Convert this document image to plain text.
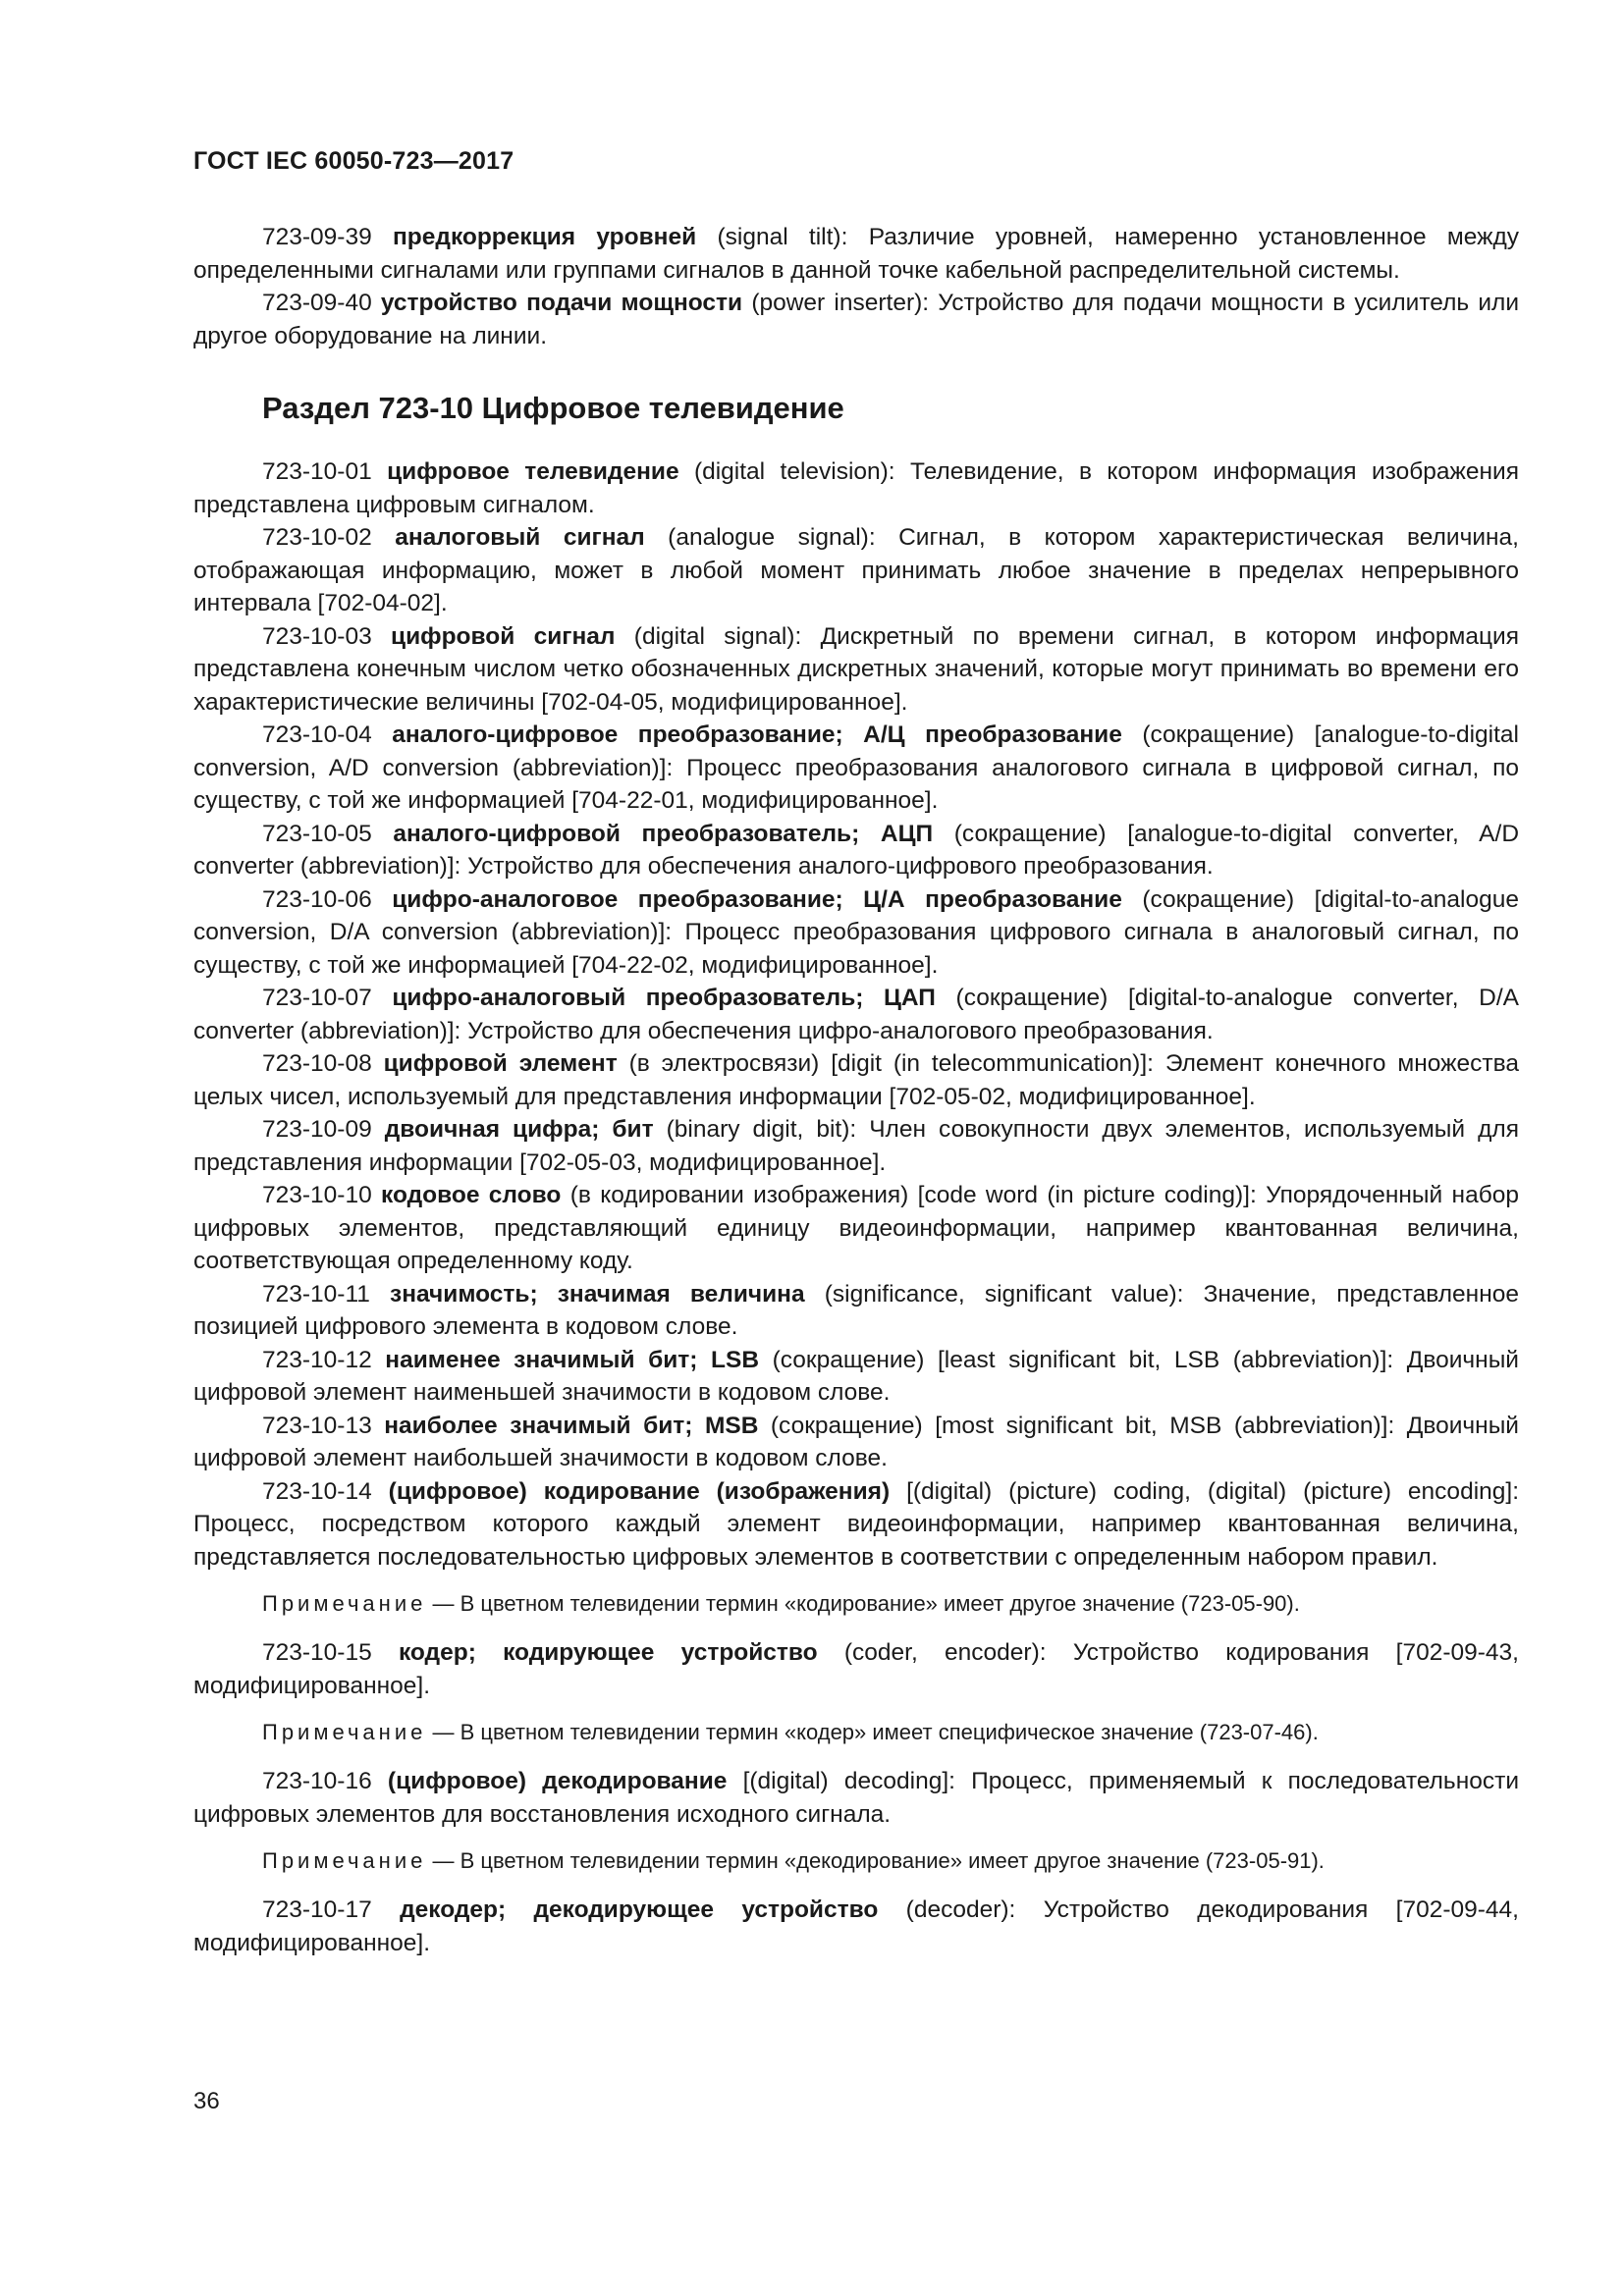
ГОСТ IEC 60050-723—2017

723-09-39 предкоррекция уровней (signal tilt): Различие уровней, намеренно установленное между определенными сигналами или группами сигналов в данной точке кабельной распределительной системы.

723-09-40 устройство подачи мощности (power inserter): Устройство для подачи мощности в усилитель или другое оборудование на линии.

Раздел 723-10 Цифровое телевидение

723-10-01 цифровое телевидение (digital television): Телевидение, в котором информация изображения представлена цифровым сигналом.

723-10-02 аналоговый сигнал (analogue signal): Сигнал, в котором характеристическая величина, отображающая информацию, может в любой момент принимать любое значение в пределах непрерывного интервала [702-04-02].

723-10-03 цифровой сигнал (digital signal): Дискретный по времени сигнал, в котором информация представлена конечным числом четко обозначенных дискретных значений, которые могут принимать во времени его характеристические величины [702-04-05, модифицированное].

723-10-04 аналого-цифровое преобразование; А/Ц преобразование (сокращение) [analogue-to-digital conversion, A/D conversion (abbreviation)]: Процесс преобразования аналогового сигнала в цифровой сигнал, по существу, с той же информацией [704-22-01, модифицированное].

723-10-05 аналого-цифровой преобразователь; АЦП (сокращение) [analogue-to-digital converter, A/D converter (abbreviation)]: Устройство для обеспечения аналого-цифрового преобразования.

723-10-06 цифро-аналоговое преобразование; Ц/А преобразование (сокращение) [digital-to-analogue conversion, D/A conversion (abbreviation)]: Процесс преобразования цифрового сигнала в аналоговый сигнал, по существу, с той же информацией [704-22-02, модифицированное].

723-10-07 цифро-аналоговый преобразователь; ЦАП (сокращение) [digital-to-analogue converter, D/A converter (abbreviation)]: Устройство для обеспечения цифро-аналогового преобразования.

723-10-08 цифровой элемент (в электросвязи) [digit (in telecommunication)]: Элемент конечного множества целых чисел, используемый для представления информации [702-05-02, модифицированное].

723-10-09 двоичная цифра; бит (binary digit, bit): Член совокупности двух элементов, используемый для представления информации [702-05-03, модифицированное].

723-10-10 кодовое слово (в кодировании изображения) [code word (in picture coding)]: Упорядоченный набор цифровых элементов, представляющий единицу видеоинформации, например квантованная величина, соответствующая определенному коду.

723-10-11 значимость; значимая величина (significance, significant value): Значение, представленное позицией цифрового элемента в кодовом слове.

723-10-12 наименее значимый бит; LSB (сокращение) [least significant bit, LSB (abbreviation)]: Двоичный цифровой элемент наименьшей значимости в кодовом слове.

723-10-13 наиболее значимый бит; MSB (сокращение) [most significant bit, MSB (abbreviation)]: Двоичный цифровой элемент наибольшей значимости в кодовом слове.

723-10-14 (цифровое) кодирование (изображения) [(digital) (picture) coding, (digital) (picture) encoding]: Процесс, посредством которого каждый элемент видеоинформации, например квантованная величина, представляется последовательностью цифровых элементов в соответствии с определенным набором правил.

Примечание — В цветном телевидении термин «кодирование» имеет другое значение (723-05-90).

723-10-15 кодер; кодирующее устройство (coder, encoder): Устройство кодирования [702-09-43, модифицированное].

Примечание — В цветном телевидении термин «кодер» имеет специфическое значение (723-07-46).

723-10-16 (цифровое) декодирование [(digital) decoding]: Процесс, применяемый к последовательности цифровых элементов для восстановления исходного сигнала.

Примечание — В цветном телевидении термин «декодирование» имеет другое значение (723-05-91).

723-10-17 декодер; декодирующее устройство (decoder): Устройство декодирования [702-09-44, модифицированное].

36
